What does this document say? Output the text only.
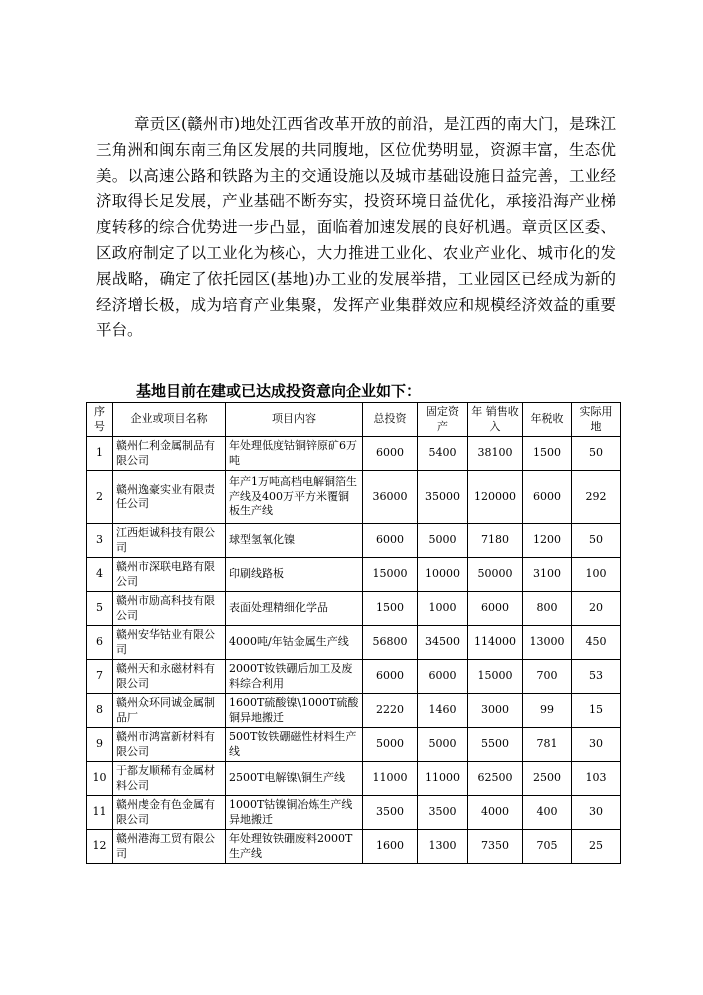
章贡区(赣州市)地处江西省改革开放的前沿，是江西的南大门，是珠江三角洲和闽东南三角区发展的共同腹地，区位优势明显，资源丰富，生态优美。以高速公路和铁路为主的交通设施以及城市基础设施日益完善，工业经济取得长足发展，产业基础不断夯实，投资环境日益优化，承接沿海产业梯度转移的综合优势进一步凸显，面临着加速发展的良好机遇。章贡区区委、区政府制定了以工业化为核心，大力推进工业化、农业产业化、城市化的发展战略，确定了依托园区(基地)办工业的发展举措，工业园区已经成为新的经济增长极，成为培育产业集聚，发挥产业集群效应和规模经济效益的重要平台。

基地目前在建或已达成投资意向企业如下：

序号	企业或项目名称	项目内容	总投资	固定资产	年 销售收入	年税收	实际用地
1	赣州仁利金属制品有限公司	年处理低度钴铜锌原矿6万吨	6000	5400	38100	1500	50
2	赣州逸豪实业有限责任公司	年产1万吨高档电解铜箔生产线及400万平方米覆铜板生产线	36000	35000	120000	6000	292
3	江西炬诚科技有限公司	球型氢氧化镍	6000	5000	7180	1200	50
4	赣州市深联电路有限公司	印刷线路板	15000	10000	50000	3100	100
5	赣州市励高科技有限公司	表面处理精细化学品	1500	1000	6000	800	20
6	赣州安华钴业有限公司	4000吨/年钴金属生产线	56800	34500	114000	13000	450
7	赣州天和永磁材料有限公司	2000T钕铁硼后加工及废料综合利用	6000	6000	15000	700	53
8	赣州众环同诚金属制品厂	1600T硫酸镍\1000T硫酸铜异地搬迁	2220	1460	3000	99	15
9	赣州市鸿富新材料有限公司	500T钕铁硼磁性材料生产线	5000	5000	5500	781	30
10	于都友顺稀有金属材料公司	2500T电解镍\铜生产线	11000	11000	62500	2500	103
11	赣州虔金有色金属有限公司	1000T钴镍铜冶炼生产线异地搬迁	3500	3500	4000	400	30
12	赣州港海工贸有限公司	年处理钕铁硼废料2000T生产线	1600	1300	7350	705	25
